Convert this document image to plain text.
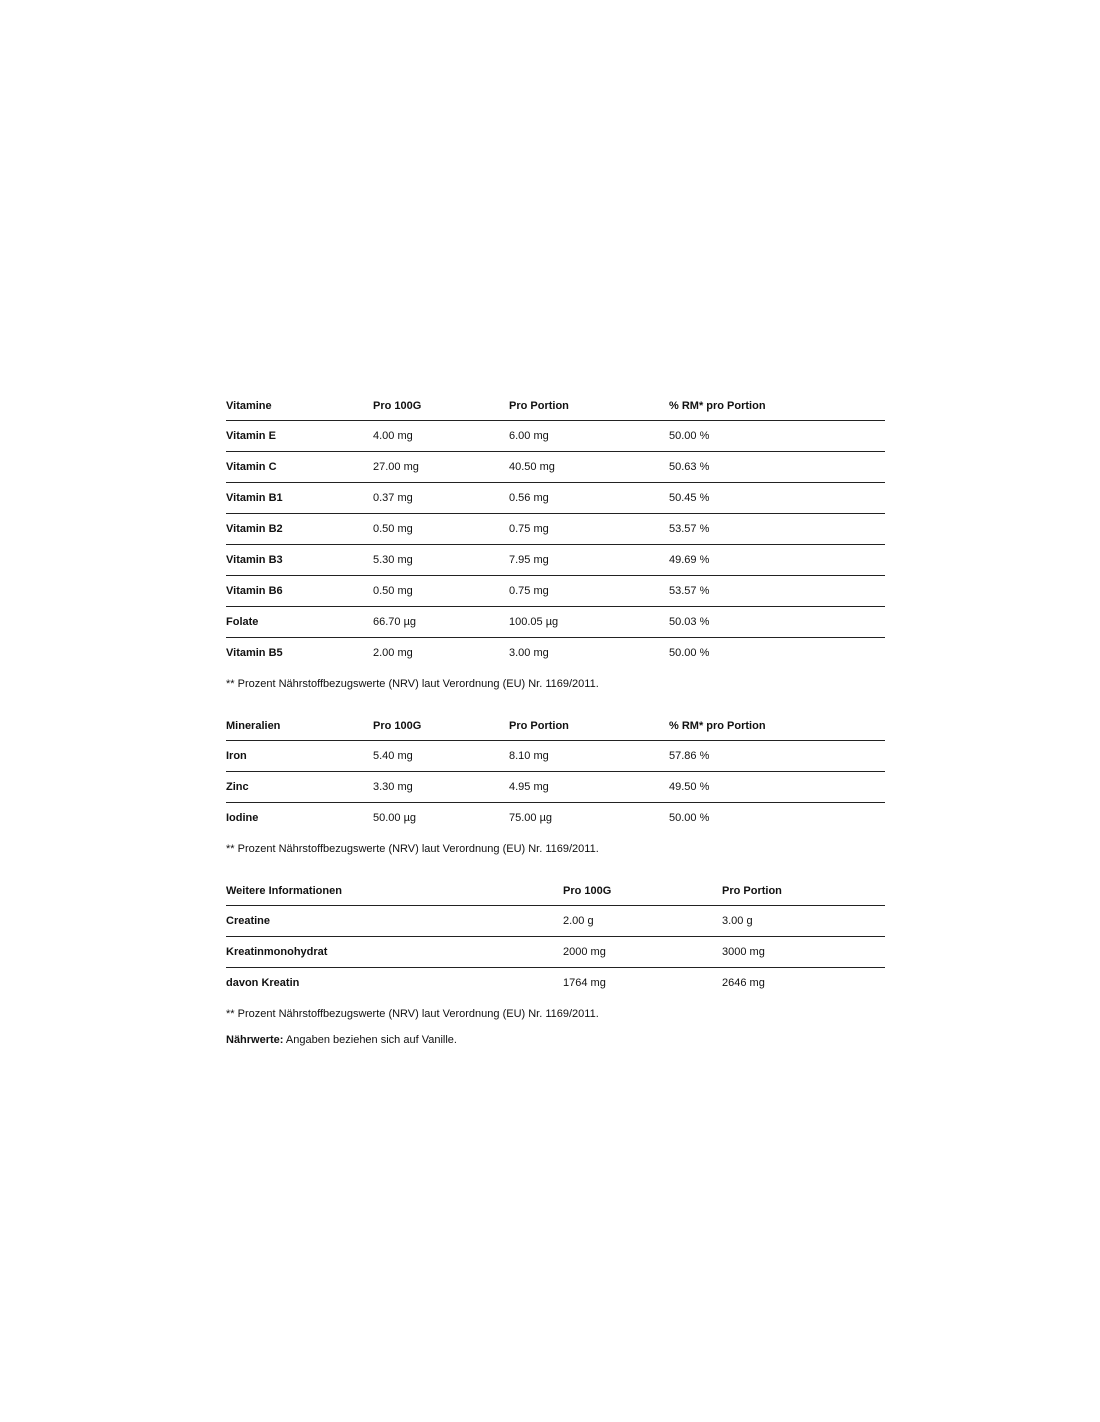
Vitamine	Pro 100G	Pro Portion	% RM* pro Portion
Vitamin E	4.00 mg	6.00 mg	50.00 %
Vitamin C	27.00 mg	40.50 mg	50.63 %
Vitamin B1	0.37 mg	0.56 mg	50.45 %
Vitamin B2	0.50 mg	0.75 mg	53.57 %
Vitamin B3	5.30 mg	7.95 mg	49.69 %
Vitamin B6	0.50 mg	0.75 mg	53.57 %
Folate	66.70 µg	100.05 µg	50.03 %
Vitamin B5	2.00 mg	3.00 mg	50.00 %

** Prozent Nährstoffbezugswerte (NRV) laut Verordnung (EU) Nr. 1169/2011.

Mineralien	Pro 100G	Pro Portion	% RM* pro Portion
Iron	5.40 mg	8.10 mg	57.86 %
Zinc	3.30 mg	4.95 mg	49.50 %
Iodine	50.00 µg	75.00 µg	50.00 %

** Prozent Nährstoffbezugswerte (NRV) laut Verordnung (EU) Nr. 1169/2011.

Weitere Informationen	Pro 100G	Pro Portion
Creatine	2.00 g	3.00 g
Kreatinmonohydrat	2000 mg	3000 mg
davon Kreatin	1764 mg	2646 mg

** Prozent Nährstoffbezugswerte (NRV) laut Verordnung (EU) Nr. 1169/2011.

Nährwerte: Angaben beziehen sich auf Vanille.
